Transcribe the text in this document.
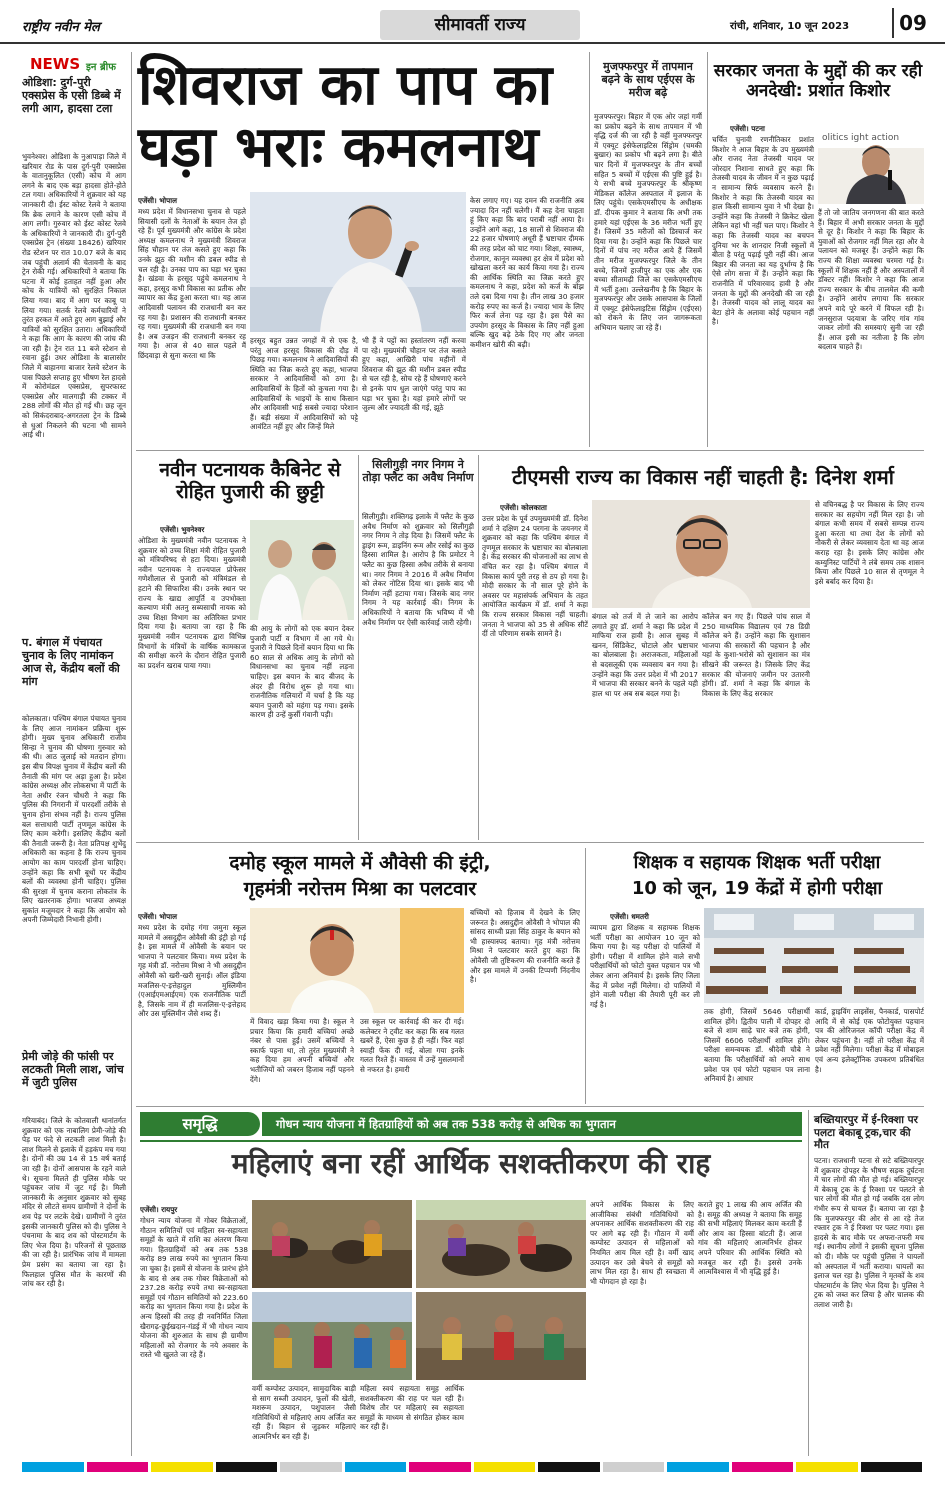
राष्ट्रीय नवीन मेल	सीमावर्ती राज्य	रांची, शनिवार, 10 जून 2023	09
NEWS इन ब्रीफ
ओडिशा: दुर्ग-पुरी एक्सप्रेस के एसी डिब्बे में लगी आग, हादसा टला
भुवनेश्वर। ओडिशा के नुआपाड़ा जिले में खरियार रोड के पास दुर्ग-पुरी एक्सप्रेस के वातानुकूलित (एसी) कोच में आग लगने के बाद एक बड़ा हादसा होते-होते टल गया। अधिकारियों ने शुक्रवार को यह जानकारी दी। ईस्ट कोस्ट रेलवे ने बताया कि ब्रेक लगाने के कारण एसी कोच में आग लगी। गुरुवार को ईस्ट कोस्ट रेलवे के अधिकारियों ने जानकारी दी। दुर्ग-पुरी एक्सप्रेस ट्रेन (संख्या 18426) खरियार रोड स्टेशन पर रात 10.07 बजे के बाद जब पहुंची अलार्म की चेतावनी के बाद ट्रेन रोकी गई। अधिकारियों ने बताया कि घटना में कोई हताहत नहीं हुआ और कोच के यात्रियों को सुरक्षित निकाल लिया गया। बाद में आग पर काबू पा लिया गया। सतर्क रेलवे कर्मचारियों ने तुरंत हरकत में आते हुए आग बुझाई और यात्रियों को सुरक्षित उतारा। अधिकारियों ने कहा कि आग के कारण की जांच की जा रही है। ट्रेन रात 11 बजे स्टेशन से रवाना हुई। उधर ओडिशा के बालासोर जिले में बाहानगा बाजार रेलवे स्टेशन के पास पिछले सप्ताह हुए भीषण रेल हादसे में कोरोमंडल एक्सप्रेस, सुपरफास्ट एक्सप्रेस और मालगाड़ी की टक्कर में 288 लोगों की मौत हो गई थी। छह जून को सिकंदराबाद-अगरतला ट्रेन के डिब्बे से धुआं निकलने की घटना भी सामने आई थी।
प. बंगाल में पंचायत चुनाव के लिए नामांकन आज से, केंद्रीय बलों की मांग
कोलकाता। पश्चिम बंगाल पंचायत चुनाव के लिए आज नामांकन प्रक्रिया शुरू होगी। मुख्य चुनाव अधिकारी राजीव सिन्हा ने चुनाव की घोषणा गुरुवार को की थी। आठ जुलाई को मतदान होगा। इस बीच विपक्ष चुनाव में केंद्रीय बलों की तैनाती की मांग पर अड़ा हुआ है। प्रदेश कांग्रेस अध्यक्ष और लोकसभा में पार्टी के नेता अधीर रंजन चौधरी ने कहा कि पुलिस की निगरानी में पारदर्शी तरीके से चुनाव होना संभव नहीं है। राज्य पुलिस बल सत्ताधारी पार्टी तृणमूल कांग्रेस के लिए काम करेगी। इसलिए केंद्रीय बलों की तैनाती जरूरी है। नेता प्रतिपक्ष शुभेंदु अधिकारी का कहना है कि राज्य चुनाव आयोग का काम पारदर्शी होना चाहिए। उन्होंने कहा कि सभी बूथों पर केंद्रीय बलों की व्यवस्था होनी चाहिए। पुलिस की सुरक्षा में चुनाव कराना लोकतंत्र के लिए खतरनाक होगा। भाजपा अध्यक्ष सुकांत मजूमदार ने कहा कि आयोग को अपनी जिम्मेदारी निभानी होगी।
प्रेमी जोड़े की फांसी पर लटकती मिली लाश, जांच में जुटी पुलिस
गरियाबंद। जिले के कोतवाली थानांतर्गत शुक्रवार को एक नाबालिग प्रेमी-जोड़े की पेड़ पर फंदे से लटकती लाश मिली है। लाश मिलने से इलाके में हड़कंप मच गया है। दोनों की उम्र 14 से 15 वर्ष बताई जा रही है। दोनों आसपास के रहने वाले थे। सूचना मिलते ही पुलिस मौके पर पहुंचकर जांच में जुट गई है। मिली जानकारी के अनुसार शुक्रवार को सुबह मंदिर से लौटते समय ग्रामीणों ने दोनों के शव पेड़ पर लटके देखे। ग्रामीणों ने तुरंत इसकी जानकारी पुलिस को दी। पुलिस ने पंचनामा के बाद शव को पोस्टमार्टम के लिए भेज दिया है। परिजनों से पूछताछ की जा रही है। प्रारंभिक जांच में मामला प्रेम प्रसंग का बताया जा रहा है। फिलहाल पुलिस मौत के कारणों की जांच कर रही है।
शिवराज का पाप का
घड़ा भराः कमलनाथ
एजेंसी। भोपाल
मध्य प्रदेश में विधानसभा चुनाव से पहले सियासी दलों के नेताओं के बयान तेज हो रहे हैं। पूर्व मुख्यमंत्री और कांग्रेस के प्रदेश अध्यक्ष कमलनाथ ने मुख्यमंत्री शिवराज सिंह चौहान पर तंज कसते हुए कहा कि उनके झूठ की मशीन की डबल स्पीड से चल रही है। उनका पाप का घड़ा भर चुका है। खंडवा के हरसूद पहुंचे कमलनाथ ने कहा, हरसूद कभी विकास का प्रतीक और व्यापार का केंद्र हुआ करता था। यह आज आदिवासी पलायन की राजधानी बन कर रह गया है। प्रशासन की राजधानी बनकर रह गया। मुख्यमंत्री की राजधानी बन गया है। अब उजड़न की राजधानी बनकर रह गया है। आज से 40 साल पहले मैं छिंदवाड़ा से सुना करता था कि
हरसूद बहुत उन्नत जगहों में से एक है, परंतु आज हरसूद विकास की दौड़ में पिछड़ गया। कमलनाथ ने आदिवासियों की स्थिति का जिक्र करते हुए कहा, भाजपा सरकार ने आदिवासियों को ठगा है। आदिवासियों के हितों को कुचला गया है। आदिवासियों के भाइयों के साथ किसान और आदिवासी भाई सबसे ज्यादा परेशान हैं। बड़ी संख्या में आदिवासियों को पट्टे आवंटित नहीं हुए और जिन्हें मिले
भी हैं वे पट्टों का हस्तांतरण नहीं करवा पा रहे। मुख्यमंत्री चौहान पर तंज कसते हुए कहा, आखिरी पांच महीनों में शिवराज की झूठ की मशीन डबल स्पीड से चल रही है, सोच रहे हैं घोषणाएं करने से इनके पाप धुल जाएंगे परंतु पाप का घड़ा भर चुका है। यहां हमारे लोगों पर जुल्म और ज्यादती की गई, झूठे
केस लगाए गए। यह दमन की राजनीति अब ज्यादा दिन नहीं चलेगी। मैं कह देना चाहता हूं किए कहा कि बाद पराबी नहीं आया है। उन्होंने आगे कहा, 18 सालों से शिवराज की 22 हजार घोषणाएं अधूरी हैं भ्रष्टाचार दीमक की तरह प्रदेश को चाट गया। शिक्षा, स्वास्थ्य, रोजगार, कानून व्यवस्था हर क्षेत्र में प्रदेश को खोखला करने का कार्य किया गया है। राज्य की आर्थिक स्थिति का जिक्र करते हुए कमलनाथ ने कहा, प्रदेश को कर्ज के बोझ तले दबा दिया गया है। तीन लाख 30 हजार करोड़ रुपए का कर्ज है। ज्यादा भाव के लिए फिर कर्ज लेना पड़ रहा है। इस पैसे का उपयोग हरसूद के विकास के लिए नहीं हुआ बल्कि खुद बढ़े ठेके दिए गए और जनता कमीशन खोरी की बढ़ी।
मुजफ्फरपुर में तापमान बढ़ने के साथ एईएस के मरीज बढ़े
मुजफ्फरपुर। बिहार में एक ओर जहां गर्मी का प्रकोप बढ़ने के साथ तापमान में भी वृद्धि दर्ज की जा रही है वहीं मुजफ्फरपुर में एक्यूट इंसेफेलाइटिस सिंड्रोम (चमकी बुखार) का प्रकोप भी बढ़ने लगा है। बीते चार दिनों में मुजफ्फरपुर के तीन बच्चों सहित 5 बच्चों में एईएस की पुष्टि हुई है। ये सभी बच्चे मुजफ्फरपुर के श्रीकृष्ण मेडिकल कॉलेज अस्पताल में इलाज के लिए पहुंचे। एसकेएमसीएच के अधीक्षक डॉ. दीपक कुमार ने बताया कि अभी तक हमारे यहां एईएस के 36 मरीज भर्ती हुए हैं। जिसमें 35 मरीजों को डिस्चार्ज कर दिया गया है। उन्होंने कहा कि पिछले चार दिनों में पांच नए मरीज आये हैं जिसमें तीन मरीज मुजफ्फरपुर जिले के तीन बच्चे, जिनमें हाजीपुर का एक और एक बच्चा सीतामढ़ी जिले का एसकेएमसीएच में भर्ती हुआ। उल्लेखनीय है कि बिहार के मुजफ्फरपुर और उसके आसपास के जिलों में एक्यूट इंसेफेलाइटिस सिंड्रोम (एईएस) को रोकने के लिए जन जागरूकता अभियान चलाए जा रहे हैं।
सरकार जनता के मुद्दों की कर रही अनदेखी: प्रशांत किशोर
एजेंसी। पटना
चर्चित चुनावी रणनीतिकार प्रशांत किशोर ने आज बिहार के उप मुख्यमंत्री और राजद नेता तेजस्वी यादव पर जोरदार निशाना साधते हुए कहा कि तेजस्वी यादव के जीवन में न कुछ पढ़ाई न सामान्य सिर्फ व्यवसाय करने हैं। किशोर ने कहा कि तेजस्वी यादव का हाल किसी सामान्य युवा ने भी देखा है। उन्होंने कहा कि तेजस्वी ने क्रिकेट खेला लेकिन वहां भी नहीं चल पाए। किशोर ने कहा कि तेजस्वी यादव का बचपन दुनिया भर के शानदार निजी स्कूलों में बीता है परंतु पढ़ाई पूरी नहीं की। आज बिहार की जनता का यह दुर्भाग्य है कि ऐसे लोग सत्ता में हैं। उन्होंने कहा कि राजनीति में परिवारवाद हावी है और जनता के मुद्दों की अनदेखी की जा रही है। तेजस्वी यादव को लालू यादव का बेटा होने के अलावा कोई पहचान नहीं है।
olitics ight action
हैं तो जो जातिय जनगणना की बात करते हैं। बिहार में अभी सरकार जनता के मुद्दों से दूर है। किशोर ने कहा कि बिहार के युवाओं को रोजगार नहीं मिल रहा और वे पलायन को मजबूर हैं। उन्होंने कहा कि राज्य की शिक्षा व्यवस्था चरमरा गई है। स्कूलों में शिक्षक नहीं हैं और अस्पतालों में डॉक्टर नहीं। किशोर ने कहा कि आज राज्य सरकार के बीच तालमेल की कमी है। उन्होंने आरोप लगाया कि सरकार अपने वादे पूरे करने में विफल रही है। जनसुराज पदयात्रा के जरिए गांव गांव जाकर लोगों की समस्याएं सुनी जा रही हैं। आज इसी का नतीजा है कि लोग बदलाव चाहते हैं।
नवीन पटनायक कैबिनेट से रोहित पुजारी की छुट्टी
एजेंसी। भुवनेश्वर
ओडिशा के मुख्यमंत्री नवीन पटनायक ने शुक्रवार को उच्च शिक्षा मंत्री रोहित पुजारी को मंत्रिपरिषद से हटा दिया। मुख्यमंत्री नवीन पटनायक ने राज्यपाल प्रोफेसर गणेशीलाल से पुजारी को मंत्रिमंडल से हटाने की सिफारिश की। उनके स्थान पर राज्य के खाद्य आपूर्ति व उपभोक्ता कल्याण मंत्री अतनु सब्यसाची नायक को उच्च शिक्षा विभाग का अतिरिक्त प्रभार दिया गया है। बताया जा रहा है कि मुख्यमंत्री नवीन पटनायक द्वारा विभिन्न विभागों के मंत्रियों के वार्षिक कामकाज की समीक्षा करने के दौरान रोहित पुजारी का प्रदर्शन खराब पाया गया।
की आयु के लोगों को एक बयान देकर पुजारी पार्टी व विभाग में आ गये थे। पुजारी ने पिछले दिनों बयान दिया था कि 60 साल से अधिक आयु के लोगों को विधानसभा का चुनाव नहीं लड़ना चाहिए। इस बयान के बाद बीजद के अंदर ही विरोध शुरू हो गया था। राजनीतिक गलियारों में चर्चा है कि यह बयान पुजारी को महंगा पड़ गया। इसके कारण ही उन्हें कुर्सी गंवानी पड़ी।
सिलीगुड़ी नगर निगम ने तोड़ा फ्लैट का अवैध निर्माण
सिलीगुड़ी। शक्तिगढ़ इलाके में फ्लैट के कुछ अवैध निर्माण को शुक्रवार को सिलीगुड़ी नगर निगम ने तोड़ दिया है। जिसमें फ्लैट के ड्राइंग रूम, डाइनिंग रूम और रसोई का कुछ हिस्सा शामिल है। आरोप है कि प्रमोटर ने फ्लैट का कुछ हिस्सा अवैध तरीके से बनाया था। नगर निगम ने 2016 में अवैध निर्माण को लेकर नोटिस दिया था। इसके बाद भी निर्माण नहीं हटाया गया। जिसके बाद नगर निगम ने यह कार्रवाई की। निगम के अधिकारियों ने बताया कि भविष्य में भी अवैध निर्माण पर ऐसी कार्रवाई जारी रहेगी।
टीएमसी राज्य का विकास नहीं चाहती है: दिनेश शर्मा
एजेंसी। कोलकाता
उत्तर प्रदेश के पूर्व उपमुख्यमंत्री डॉ. दिनेश शर्मा ने दक्षिण 24 परगना के जयनगर में शुक्रवार को कहा कि पश्चिम बंगाल में तृणमूल सरकार के भ्रष्टाचार का बोलबाला है। केंद्र सरकार की योजनाओं का लाभ से वंचित कर रहा है। पश्चिम बंगाल में विकास कार्य पूरी तरह से ठप हो गया है। मोदी सरकार के नौ साल पूरे होने के अवसर पर महासंपर्क अभियान के तहत आयोजित कार्यक्रम में डॉ. शर्मा ने कहा कि राज्य सरकार विकास नहीं चाहती। जनता ने भाजपा को 35 से अधिक सीटें दीं तो परिणाम सबके सामने है।
बंगाल को तर्ज में ले जाने का आरोप लगाते हुए डॉ. शर्मा ने कहा कि प्रदेश में माफिया राज हावी है। आज सुबह में खनन, सिंडिकेट, घोटाले और भ्रष्टाचार का बोलबाला है। अराजकता, महिलाओं से बदसलूकी एक व्यवसाय बन गया है। उन्होंने कहा कि उत्तर प्रदेश में भी 2017 में भाजपा की सरकार बनने के पहले यही हाल था पर अब सब बदल गया है।
कॉलेज बन गए हैं। पिछले पांच साल में 250 माध्यमिक विद्यालय एवं 78 डिग्री कॉलेज बने हैं। उन्होंने कहा कि सुशासन भाजपा की सरकारों की पहचान है और यहां के कुशा-भरोसे को सुशासन का मंत्र सीखने की जरूरत है। जिसके लिए केंद्र सरकार की योजनाएं जमीन पर उतारनी होंगी। डॉ. शर्मा ने कहा कि बंगाल के विकास के लिए केंद्र सरकार
से वचिनबद्ध है पर विकास के लिए राज्य सरकार का सहयोग नहीं मिल रहा है। जो बंगाल कभी समय में सबसे सम्पन्न राज्य हुआ करता था तथा देश के लोगों को नौकरी से लेकर व्यवसाय देता था वह आज कराह रहा है। इसके लिए कांग्रेस और कम्युनिस्ट पार्टियों ने लंबे समय तक शासन किया और पिछले 10 साल से तृणमूल ने इसे बर्बाद कर दिया है।
दमोह स्कूल मामले में औवेसी की इंट्री,
गृहमंत्री नरोत्तम मिश्रा का पलटवार
एजेंसी। भोपाल
मध्य प्रदेश के दमोह गंगा जमुना स्कूल मामले में असदुद्दीन ओवैसी की इंट्री हो गई है। इस मामले में ओवैसी के बयान पर भाजपा ने पलटवार किया। मध्य प्रदेश के गृह मंत्री डॉ. नरोत्तम मिश्रा ने भी असदुद्दीन ओवैसी को खरी-खरी सुनाई। ऑल इंडिया मजलिस-ए-इत्तेहादुल मुस्लिमीन (एआईएमआईएम) एक राजनीतिक पार्टी है, जिसके नाम में ही मजलिस-ए-इत्तेहाद और उस मुस्लिमीन जैसे शब्द हैं।
में विवाद खड़ा किया गया है। स्कूल ने प्रचार किया कि हमारी बच्चियां अच्छे नंबर से पास हुईं। उसमें बच्चियों ने स्कार्फ पहना था, तो तुरंत मुख्यमंत्री ने कह दिया हम अपनी बच्चियों और भतीजियों को जबरन हिजाब नहीं पहनने देंगे।
उस स्कूल पर कार्रवाई की कर दी गई। कलेक्टर ने ट्वीट कर कहा कि सब गलत खबरें हैं, ऐसा कुछ है ही नहीं। फिर वहां स्याही फेंक दी गई, बोला गया इनके गलत रिश्ते हैं। वास्तव में उन्हें मुसलमानों से नफरत है। हमारी
बच्चियों को हिजाब में देखने के लिए जरूरत है। असदुद्दीन ओवैसी ने भोपाल की सांसद साध्वी प्रज्ञा सिंह ठाकुर के बयान को भी हास्यास्पद बताया। गृह मंत्री नरोत्तम मिश्रा ने पलटवार करते हुए कहा कि ओवैसी जी तुष्टिकरण की राजनीति करते हैं और इस मामले में उनकी टिप्पणी निंदनीय है।
शिक्षक व सहायक शिक्षक भर्ती परीक्षा
10 को जून, 19 केंद्रों में होगी परीक्षा
एजेंसी। धमतरी
व्यापम द्वारा शिक्षक व सहायक शिक्षक भर्ती परीक्षा का आयोजन 10 जून को किया गया है। यह परीक्षा दो पालियों में होगी। परीक्षा में शामिल होने वाले सभी परीक्षार्थियों को फोटो युक्त पहचान पत्र भी लेकर आना अनिवार्य है। इसके लिए जिला केंद्र में प्रवेश नहीं मिलेगा। दो पालियों में होने वाली परीक्षा की तैयारी पूरी कर ली गई है।
तक होगी, जिसमें 5646 परीक्षार्थी शामिल होंगे। द्वितीय पाली में दोपहर दो बजे से शाम साढ़े चार बजे तक होगी, जिसमें 6606 परीक्षार्थी शामिल होंगे। परीक्षा समन्वयक डॉ. श्रीदेवी चौबे ने बताया कि परीक्षार्थियों को अपने साथ प्रवेश पत्र एवं फोटो पहचान पत्र लाना अनिवार्य है। आधार
कार्ड, ड्राइविंग लाइसेंस, पैनकार्ड, पासपोर्ट आदि में से कोई एक फोटोयुक्त पहचान पत्र की ओरिजनल कॉपी परीक्षा केंद्र में लेकर पहुंचना है। नहीं तो परीक्षा केंद्र में प्रवेश नहीं मिलेगा। परीक्षा केंद्र में मोबाइल एवं अन्य इलेक्ट्रॉनिक उपकरण प्रतिबंधित है।
समृद्धि	गोधन न्याय योजना में हितग्राहियों को अब तक 538 करोड़ से अधिक का भुगतान
महिलाएं बना रहीं आर्थिक सशक्तीकरण की राह
एजेंसी। रायपुर
गोधन न्याय योजना में गोबर विक्रेताओं, गौठान समितियों एवं महिला स्व-सहायता समूहों के खाते में राशि का अंतरण किया गया। हितग्राहियों को अब तक 538 करोड़ 89 लाख रुपये का भुगतान किया जा चुका है। इसमें से योजना के प्रारंभ होने के बाद से अब तक गोबर विक्रेताओं को 237.28 करोड़ रुपये तथा स्व-सहायता समूहों एवं गौठान समितियों को 223.60 करोड़ का भुगतान किया गया है। प्रदेश के अन्य हिस्सों की तरह ही नवनिर्मित जिला खैरागढ़-छुईखदान-गंडई में भी गोधन न्याय योजना की शुरुआत के साथ ही ग्रामीण महिलाओं को रोजगार के नये अवसर के रास्ते भी खुलते जा रहे हैं।
वर्मी कम्पोस्ट उत्पादन, सामुदायिक बाड़ी से साग सब्जी उत्पादन, फूलों की खेती, मशरूम उत्पादन, पशुपालन जैसी गतिविधियों से महिलाएं आय अर्जित कर रही हैं। बिहान से जुड़कर महिलाएं आत्मनिर्भर बन रही हैं।
महिला स्वयं सहायता समूह आर्थिक सशक्तीकरण की राह पर चल रही हैं। विशेष तौर पर महिलाएं स्व सहायता समूहों के माध्यम से संगठित होकर काम कर रही हैं।
अपने आर्थिक विकास के लिए आजीविका संबंधी गतिविधियों को अपनाकर आर्थिक सशक्तीकरण की राह पर आगे बढ़ रही हैं। गौठान में वर्मी कम्पोस्ट उत्पादन से महिलाओं को नियमित आय मिल रही है। वर्मी खाद उत्पादन कर उसे बेचने से समूहों को लाभ मिल रहा है। साथ ही स्वच्छता में भी योगदान हो रहा है।
कराते हुए 1 लाख की आय अर्जित की है। समूह की अध्यक्ष ने बताया कि समूह की सभी महिलाएं मिलकर काम करती हैं और आय का हिस्सा बांटती हैं। आज गांव की महिलाएं आत्मनिर्भर होकर अपने परिवार की आर्थिक स्थिति को मजबूत कर रही हैं। इससे उनके आत्मविश्वास में भी वृद्धि हुई है।
बख्तियारपुर में ई-रिक्शा पर पलटा बेकाबू ट्रक,चार की मौत
पटना। राजधानी पटना से सटे बख्तियारपुर में शुक्रवार दोपहर के भीषण सड़क दुर्घटना में चार लोगों की मौत हो गई। बख्तियारपुर में बेकाबू ट्रक के ई रिक्शा पर पलटने से चार लोगों की मौत हो गई जबकि दस लोग गंभीर रूप से घायल हैं। बताया जा रहा है कि मुजफ्फरपुर की ओर से आ रहे तेज रफ्तार ट्रक ने ई रिक्शा पर पलट गया। इस हादसे के बाद मौके पर अफरा-तफरी मच गई। स्थानीय लोगों ने इसकी सूचना पुलिस को दी। मौके पर पहुंची पुलिस ने घायलों को अस्पताल में भर्ती कराया। घायलों का इलाज चल रहा है। पुलिस ने मृतकों के शव पोस्टमार्टम के लिए भेज दिया है। पुलिस ने ट्रक को जब्त कर लिया है और चालक की तलाश जारी है।
